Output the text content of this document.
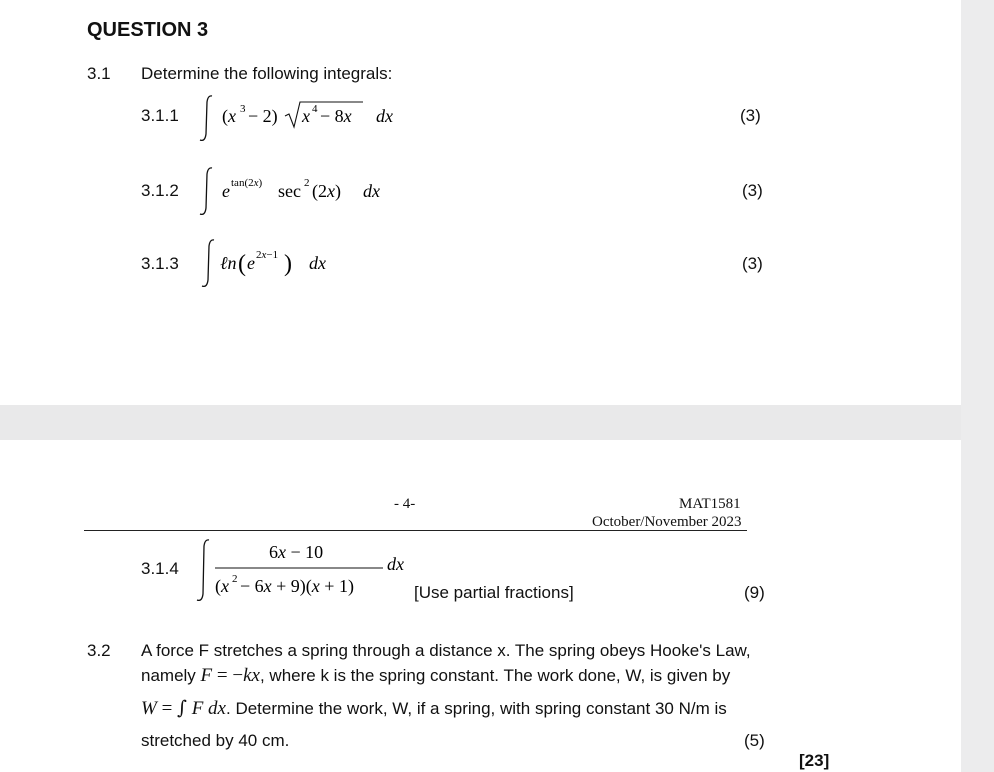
QUESTION 3
3.1 Determine the following integrals:
3.1.1 (x 3 − 2) x 4 − 8x dx	(3)
3.1.2 e tan(2x) sec 2 (2x) dx	(3)
3.1.3 ℓn ( e 2x−1 ) dx	(3)
- 4-	MAT1581
October/November 2023
3.1.4
6x − 10
(x 2 − 6x + 9)(x + 1)
dx
[Use partial fractions]	(9)
3.2 A force F stretches a spring through a distance x. The spring obeys Hooke's Law,
namely F = −kx, where k is the spring constant. The work done, W, is given by
W = ∫ F dx. Determine the work, W, if a spring, with spring constant 30 N/m is
stretched by 40 cm.	(5)
[23]
